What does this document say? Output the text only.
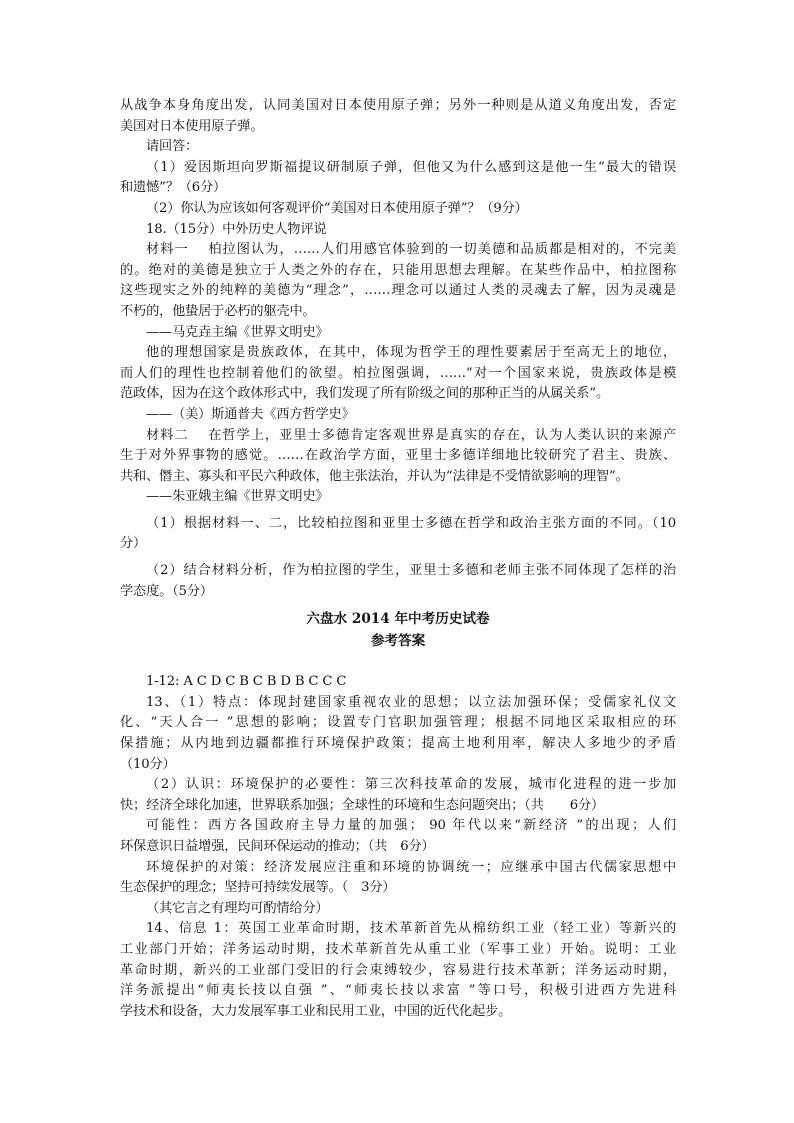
从战争本身角度出发，认同美国对日本使用原子弹；另外一种则是从道义角度出发，否定
美国对日本使用原子弹。
请回答：
（1）爱因斯坦向罗斯福提议研制原子弹，但他又为什么感到这是他一生“最大的错误
和遗憾”？（6分）
（2）你认为应该如何客观评价“美国对日本使用原子弹”？（9分）
18.（15分）中外历史人物评说
材料一　 柏拉图认为，……人们用感官体验到的一切美德和品质都是相对的，不完美
的。绝对的美德是独立于人类之外的存在，只能用思想去理解。在某些作品中，柏拉图称
这些现实之外的纯粹的美德为“理念”，……理念可以通过人类的灵魂去了解，因为灵魂是
不朽的，他蛰居于必朽的躯壳中。
——马克垚主编《世界文明史》
他的理想国家是贵族政体，在其中，体现为哲学王的理性要素居于至高无上的地位，
而人们的理性也控制着他们的欲望。柏拉图强调，……“对一个国家来说，贵族政体是模
范政体，因为在这个政体形式中，我们发现了所有阶级之间的那种正当的从属关系”。
——（美）斯通普夫《西方哲学史》
材料二　 在哲学上，亚里士多德肯定客观世界是真实的存在，认为人类认识的来源产
生于对外界事物的感觉。……在政治学方面，亚里士多德详细地比较研究了君主、贵族、
共和、僭主、寡头和平民六种政体，他主张法治，并认为“法律是不受情欲影响的理智”。
——朱亚娥主编《世界文明史》
（1）根据材料一、二，比较柏拉图和亚里士多德在哲学和政治主张方面的不同。（10
分）
（2）结合材料分析，作为柏拉图的学生，亚里士多德和老师主张不同体现了怎样的治
学态度。（5分）
六盘水 2014 年中考历史试卷
参考答案
1-12: A C D C B C B D B C C C
13、（1）特点：体现封建国家重视农业的思想；以立法加强环保；受儒家礼仪文
化、“天人合一 ”思想的影响；设置专门官职加强管理；根据不同地区采取相应的环
保措施；从内地到边疆都推行环境保护政策；提高土地利用率，解决人多地少的矛盾
（10分）
（2）认识：环境保护的必要性：第三次科技革命的发展，城市化进程的进一步加
快；经济全球化加速，世界联系加强；全球性的环境和生态问题突出；（共　　6分）
可能性：西方各国政府主导力量的加强； 90 年代以来“新经济 ”的出现；人们
环保意识日益增强，民间环保运动的推动；（共　6分）
环境保护的对策：经济发展应注重和环境的协调统一；应继承中国古代儒家思想中
生态保护的理念；坚持可持续发展等。（　3分）
（其它言之有理均可酌情给分）
14、信息 1：英国工业革命时期，技术革新首先从棉纺织工业（轻工业）等新兴的
工业部门开始；洋务运动时期，技术革新首先从重工业（军事工业）开始。说明：工业
革命时期，新兴的工业部门受旧的行会束缚较少，容易进行技术革新；洋务运动时期，
洋务派提出“师夷长技以自强 ”、“师夷长技以求富 ”等口号，积极引进西方先进科
学技术和设备，大力发展军事工业和民用工业，中国的近代化起步。
